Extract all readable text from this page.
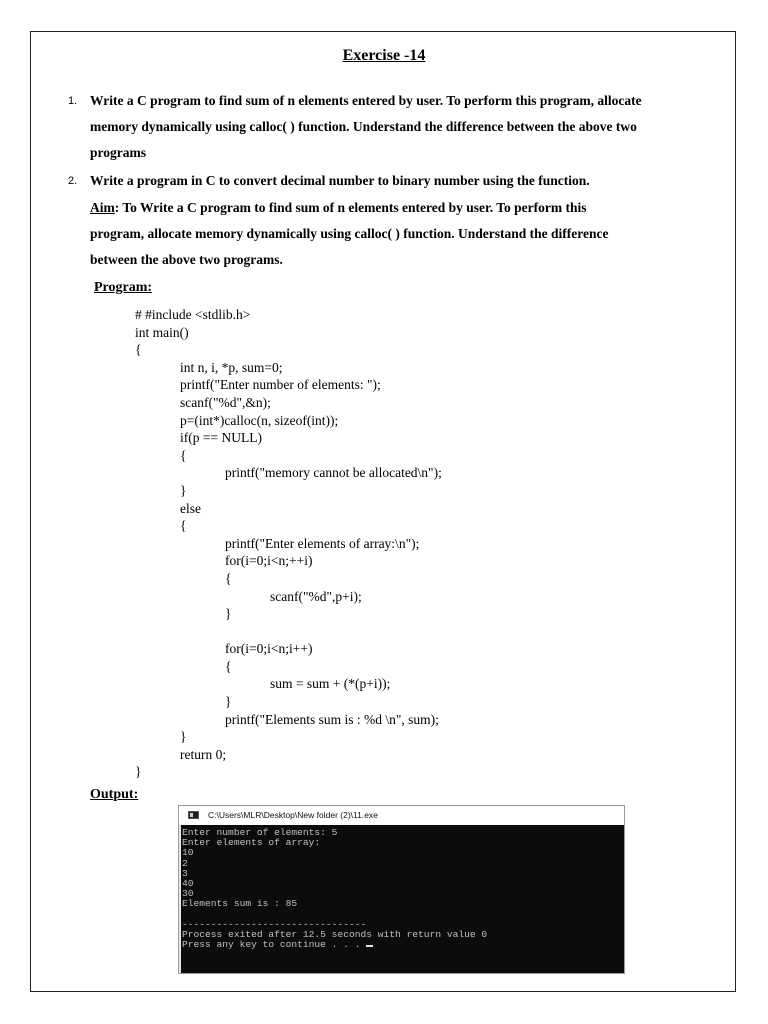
Exercise -14
1. Write a C program to find sum of n elements entered by user. To perform this program, allocate
memory dynamically using calloc( ) function. Understand the difference between the above two
programs
2. Write a program in C to convert decimal number to binary number using the function.
Aim: To Write a C program to find sum of n elements entered by user. To perform this
program, allocate memory dynamically using calloc( ) function. Understand the difference
between the above two programs.
Program:
# #include <stdlib.h>
int main()
{
int n, i, *p, sum=0;
printf("Enter number of elements: ");
scanf("%d",&n);
p=(int*)calloc(n, sizeof(int));
if(p == NULL)
{
printf("memory cannot be allocated\n");
}
else
{
printf("Enter elements of array:\n");
for(i=0;i<n;++i)
{
scanf("%d",p+i);
}
for(i=0;i<n;i++)
{
sum = sum + (*(p+i));
}
printf("Elements sum is : %d \n", sum);
}
return 0;
}
Output:
C:\Users\MLR\Desktop\New folder (2)\11.exe
Enter number of elements: 5
Enter elements of array:
10
2
3
40
30
Elements sum is : 85
--------------------------------
Process exited after 12.5 seconds with return value 0
Press any key to continue . . .
